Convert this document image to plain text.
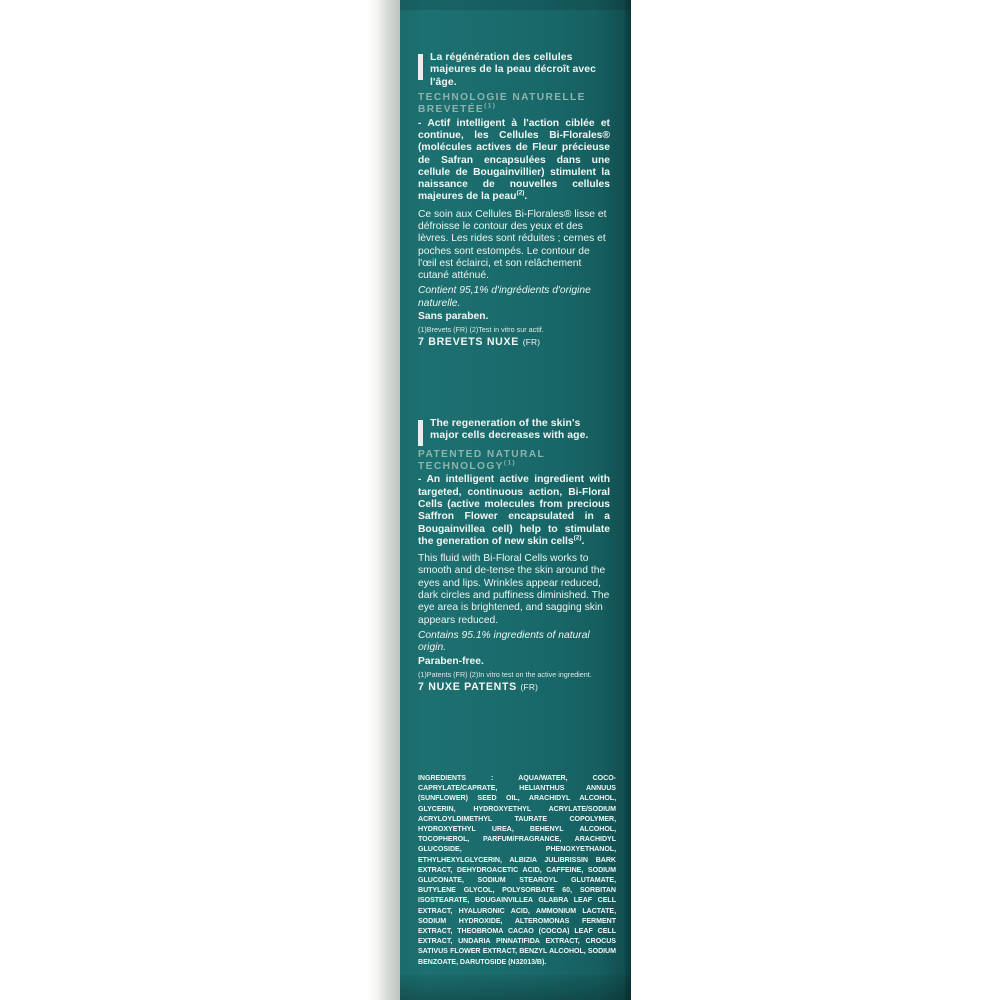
La régénération des cellules majeures de la peau décroît avec l'âge.
TECHNOLOGIE NATURELLE BREVETÉE$^{(1)}$
- Actif intelligent à l'action ciblée et continue, les Cellules Bi-Florales® (molécules actives de Fleur précieuse de Safran encapsulées dans une cellule de Bougainvillier) stimulent la naissance de nouvelles cellules majeures de la peau$^{(2)}$.
Ce soin aux Cellules Bi-Florales® lisse et défroisse le contour des yeux et des lèvres. Les rides sont réduites ; cernes et poches sont estompés. Le contour de l'œil est éclairci, et son relâchement cutané atténué.
Contient 95,1% d'ingrédients d'origine naturelle.
Sans paraben.
(1)Brevets (FR) (2)Test in vitro sur actif.
7 BREVETS NUXE (FR)
The regeneration of the skin's major cells decreases with age.
PATENTED NATURAL TECHNOLOGY$^{(1)}$
- An intelligent active ingredient with targeted, continuous action, Bi-Floral Cells (active molecules from precious Saffron Flower encapsulated in a Bougainvillea cell) help to stimulate the generation of new skin cells$^{(2)}$.
This fluid with Bi-Floral Cells works to smooth and de-tense the skin around the eyes and lips. Wrinkles appear reduced, dark circles and puffiness diminished. The eye area is brightened, and sagging skin appears reduced.
Contains 95.1% ingredients of natural origin.
Paraben-free.
(1)Patents (FR) (2)In vitro test on the active ingredient.
7 NUXE PATENTS (FR)
INGREDIENTS : AQUA/WATER, COCO-CAPRYLATE/CAPRATE, HELIANTHUS ANNUUS (SUNFLOWER) SEED OIL, ARACHIDYL ALCOHOL, GLYCERIN, HYDROXYETHYL ACRYLATE/SODIUM ACRYLOYLDIMETHYL TAURATE COPOLYMER, HYDROXYETHYL UREA, BEHENYL ALCOHOL, TOCOPHEROL, PARFUM/FRAGRANCE, ARACHIDYL GLUCOSIDE, PHENOXYETHANOL, ETHYLHEXYLGLYCERIN, ALBIZIA JULIBRISSIN BARK EXTRACT, DEHYDROACETIC ACID, CAFFEINE, SODIUM GLUCONATE, SODIUM STEAROYL GLUTAMATE, BUTYLENE GLYCOL, POLYSORBATE 60, SORBITAN ISOSTEARATE, BOUGAINVILLEA GLABRA LEAF CELL EXTRACT, HYALURONIC ACID, AMMONIUM LACTATE, SODIUM HYDROXIDE, ALTEROMONAS FERMENT EXTRACT, THEOBROMA CACAO (COCOA) LEAF CELL EXTRACT, UNDARIA PINNATIFIDA EXTRACT, CROCUS SATIVUS FLOWER EXTRACT, BENZYL ALCOHOL, SODIUM BENZOATE, DARUTOSIDE (N32013/B).
